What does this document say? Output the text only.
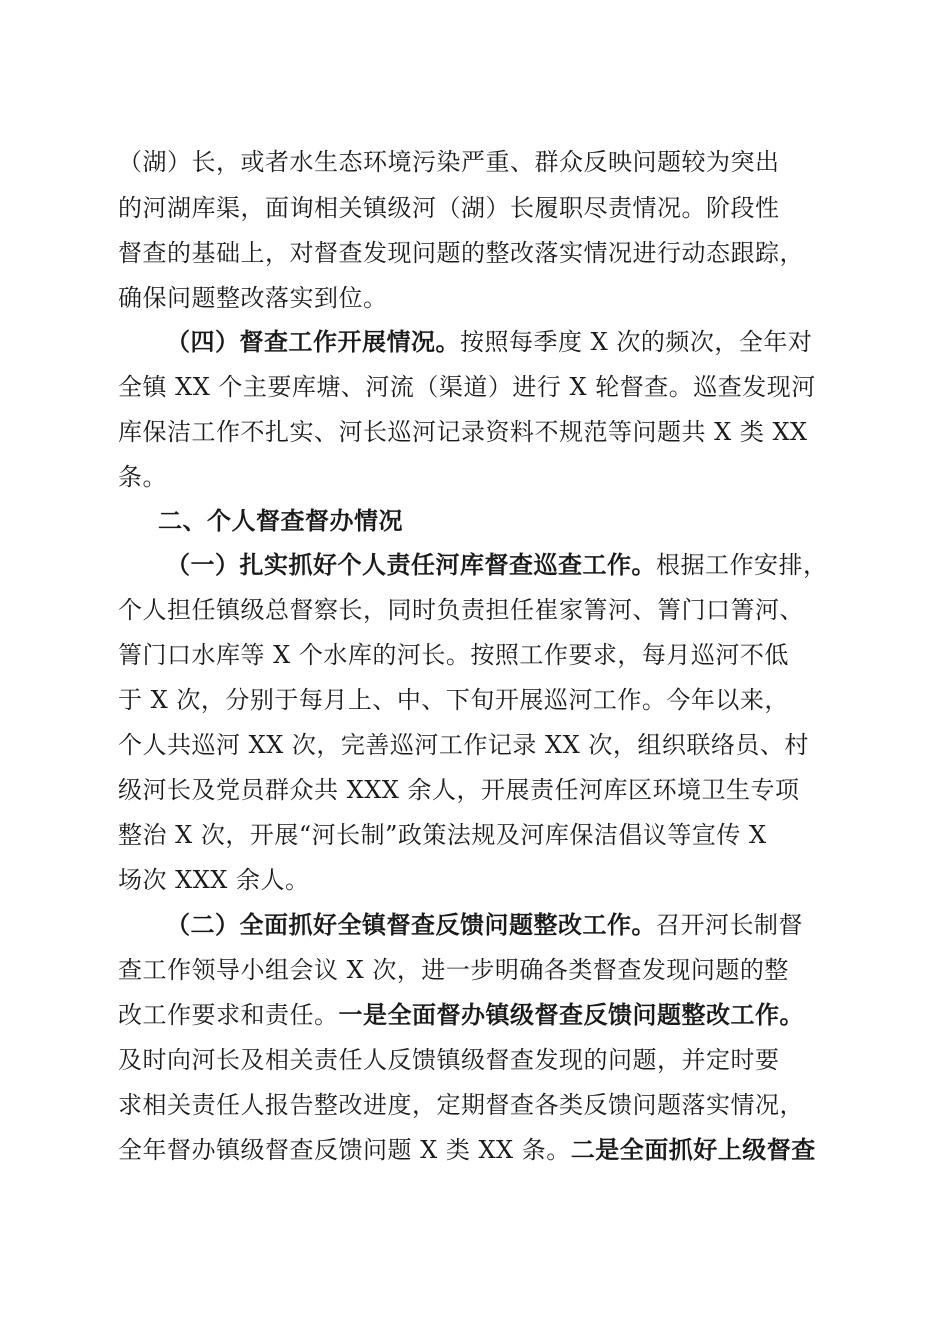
（湖）长，或者水生态环境污染严重、群众反映问题较为突出
的河湖库渠，面询相关镇级河（湖）长履职尽责情况。阶段性
督查的基础上，对督查发现问题的整改落实情况进行动态跟踪，
确保问题整改落实到位。
（四）督查工作开展情况。按照每季度 X 次的频次，全年对
全镇 XX 个主要库塘、河流（渠道）进行 X 轮督查。巡查发现河
库保洁工作不扎实、河长巡河记录资料不规范等问题共 X 类 XX
条。
二、个人督查督办情况
（一）扎实抓好个人责任河库督查巡查工作。根据工作安排，
个人担任镇级总督察长，同时负责担任崔家箐河、箐门口箐河、
箐门口水库等 X 个水库的河长。按照工作要求，每月巡河不低
于 X 次，分别于每月上、中、下旬开展巡河工作。今年以来，
个人共巡河 XX 次，完善巡河工作记录 XX 次，组织联络员、村
级河长及党员群众共 XXX 余人，开展责任河库区环境卫生专项
整治 X 次，开展“河长制”政策法规及河库保洁倡议等宣传 X
场次 XXX 余人。
（二）全面抓好全镇督查反馈问题整改工作。召开河长制督
查工作领导小组会议 X 次，进一步明确各类督查发现问题的整
改工作要求和责任。一是全面督办镇级督查反馈问题整改工作。
及时向河长及相关责任人反馈镇级督查发现的问题，并定时要
求相关责任人报告整改进度，定期督查各类反馈问题落实情况，
全年督办镇级督查反馈问题 X 类 XX 条。二是全面抓好上级督查
